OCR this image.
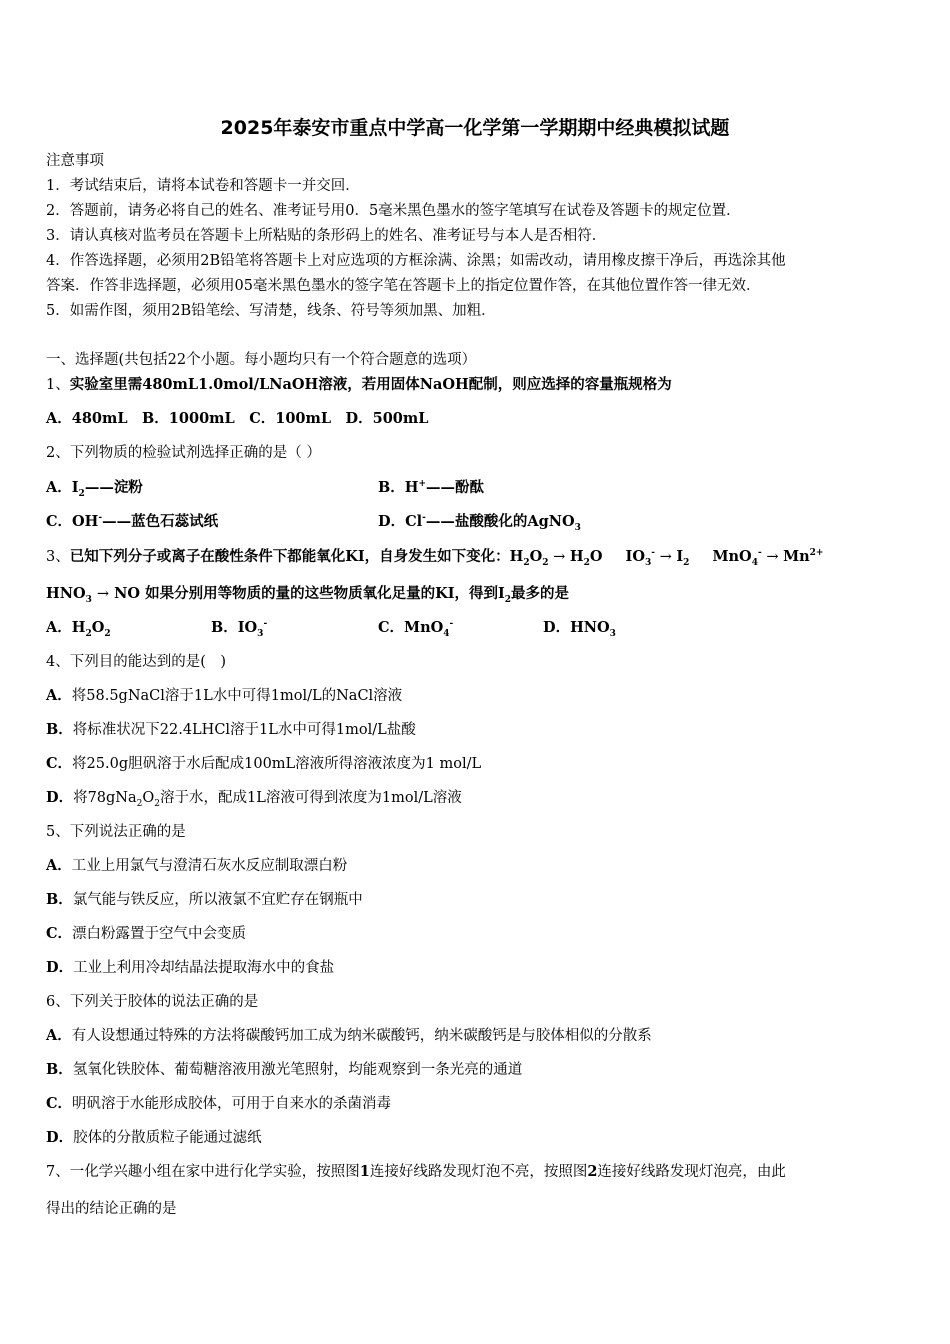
2025年泰安市重点中学高一化学第一学期期中经典模拟试题
注意事项
1．考试结束后，请将本试卷和答题卡一并交回．
2．答题前，请务必将自己的姓名、准考证号用0．5毫米黑色墨水的签字笔填写在试卷及答题卡的规定位置．
3．请认真核对监考员在答题卡上所粘贴的条形码上的姓名、准考证号与本人是否相符．
4．作答选择题，必须用2B铅笔将答题卡上对应选项的方框涂满、涂黑；如需改动，请用橡皮擦干净后，再选涂其他
答案．作答非选择题，必须用05毫米黑色墨水的签字笔在答题卡上的指定位置作答，在其他位置作答一律无效．
5．如需作图，须用2B铅笔绘、写清楚，线条、符号等须加黑、加粗．
一、选择题(共包括22个小题。每小题均只有一个符合题意的选项）
1、实验室里需480mL1.0mol/LNaOH溶液，若用固体NaOH配制，则应选择的容量瓶规格为
A．480mL　B．1000mL　C．100mL　D．500mL
2、下列物质的检验试剂选择正确的是（ ）
A．$I_2——$淀粉	B．H+——酚酞
C．OH-——蓝色石蕊试纸	D．Cl-——盐酸酸化的AgNO$_3$
3、已知下列分子或离子在酸性条件下都能氧化KI，自身发生如下变化：$H_2O_2 \to H_2O$ $IO_3^- \to I_2$ $MnO_4^- \to Mn^{2+}$
$HNO_3$ → NO 如果分别用等物质的量的这些物质氧化足量的KI，得到$I_2$最多的是
A．$H_2O_2$	B．$IO_3^-$	C．MnO$_4$-	D．$HNO_3$
4、下列目的能达到的是(　)
A．将58.5gNaCl溶于1L水中可得1mol/L的NaCl溶液
B．将标准状况下22.4LHCl溶于1L水中可得1mol/L盐酸
C．将25.0g胆矾溶于水后配成100mL溶液所得溶液浓度为1 mol/L
D．将$78gNa_2O_2$溶于水，配成1L溶液可得到浓度为1mol/L溶液
5、下列说法正确的是
A．工业上用氯气与澄清石灰水反应制取漂白粉
B．氯气能与铁反应，所以液氯不宜贮存在钢瓶中
C．漂白粉露置于空气中会变质
D．工业上利用冷却结晶法提取海水中的食盐
6、下列关于胶体的说法正确的是
A．有人设想通过特殊的方法将碳酸钙加工成为纳米碳酸钙，纳米碳酸钙是与胶体相似的分散系
B．氢氧化铁胶体、葡萄糖溶液用激光笔照射，均能观察到一条光亮的通道
C．明矾溶于水能形成胶体，可用于自来水的杀菌消毒
D．胶体的分散质粒子能通过滤纸
7、一化学兴趣小组在家中进行化学实验，按照图1连接好线路发现灯泡不亮，按照图2连接好线路发现灯泡亮，由此
得出的结论正确的是
